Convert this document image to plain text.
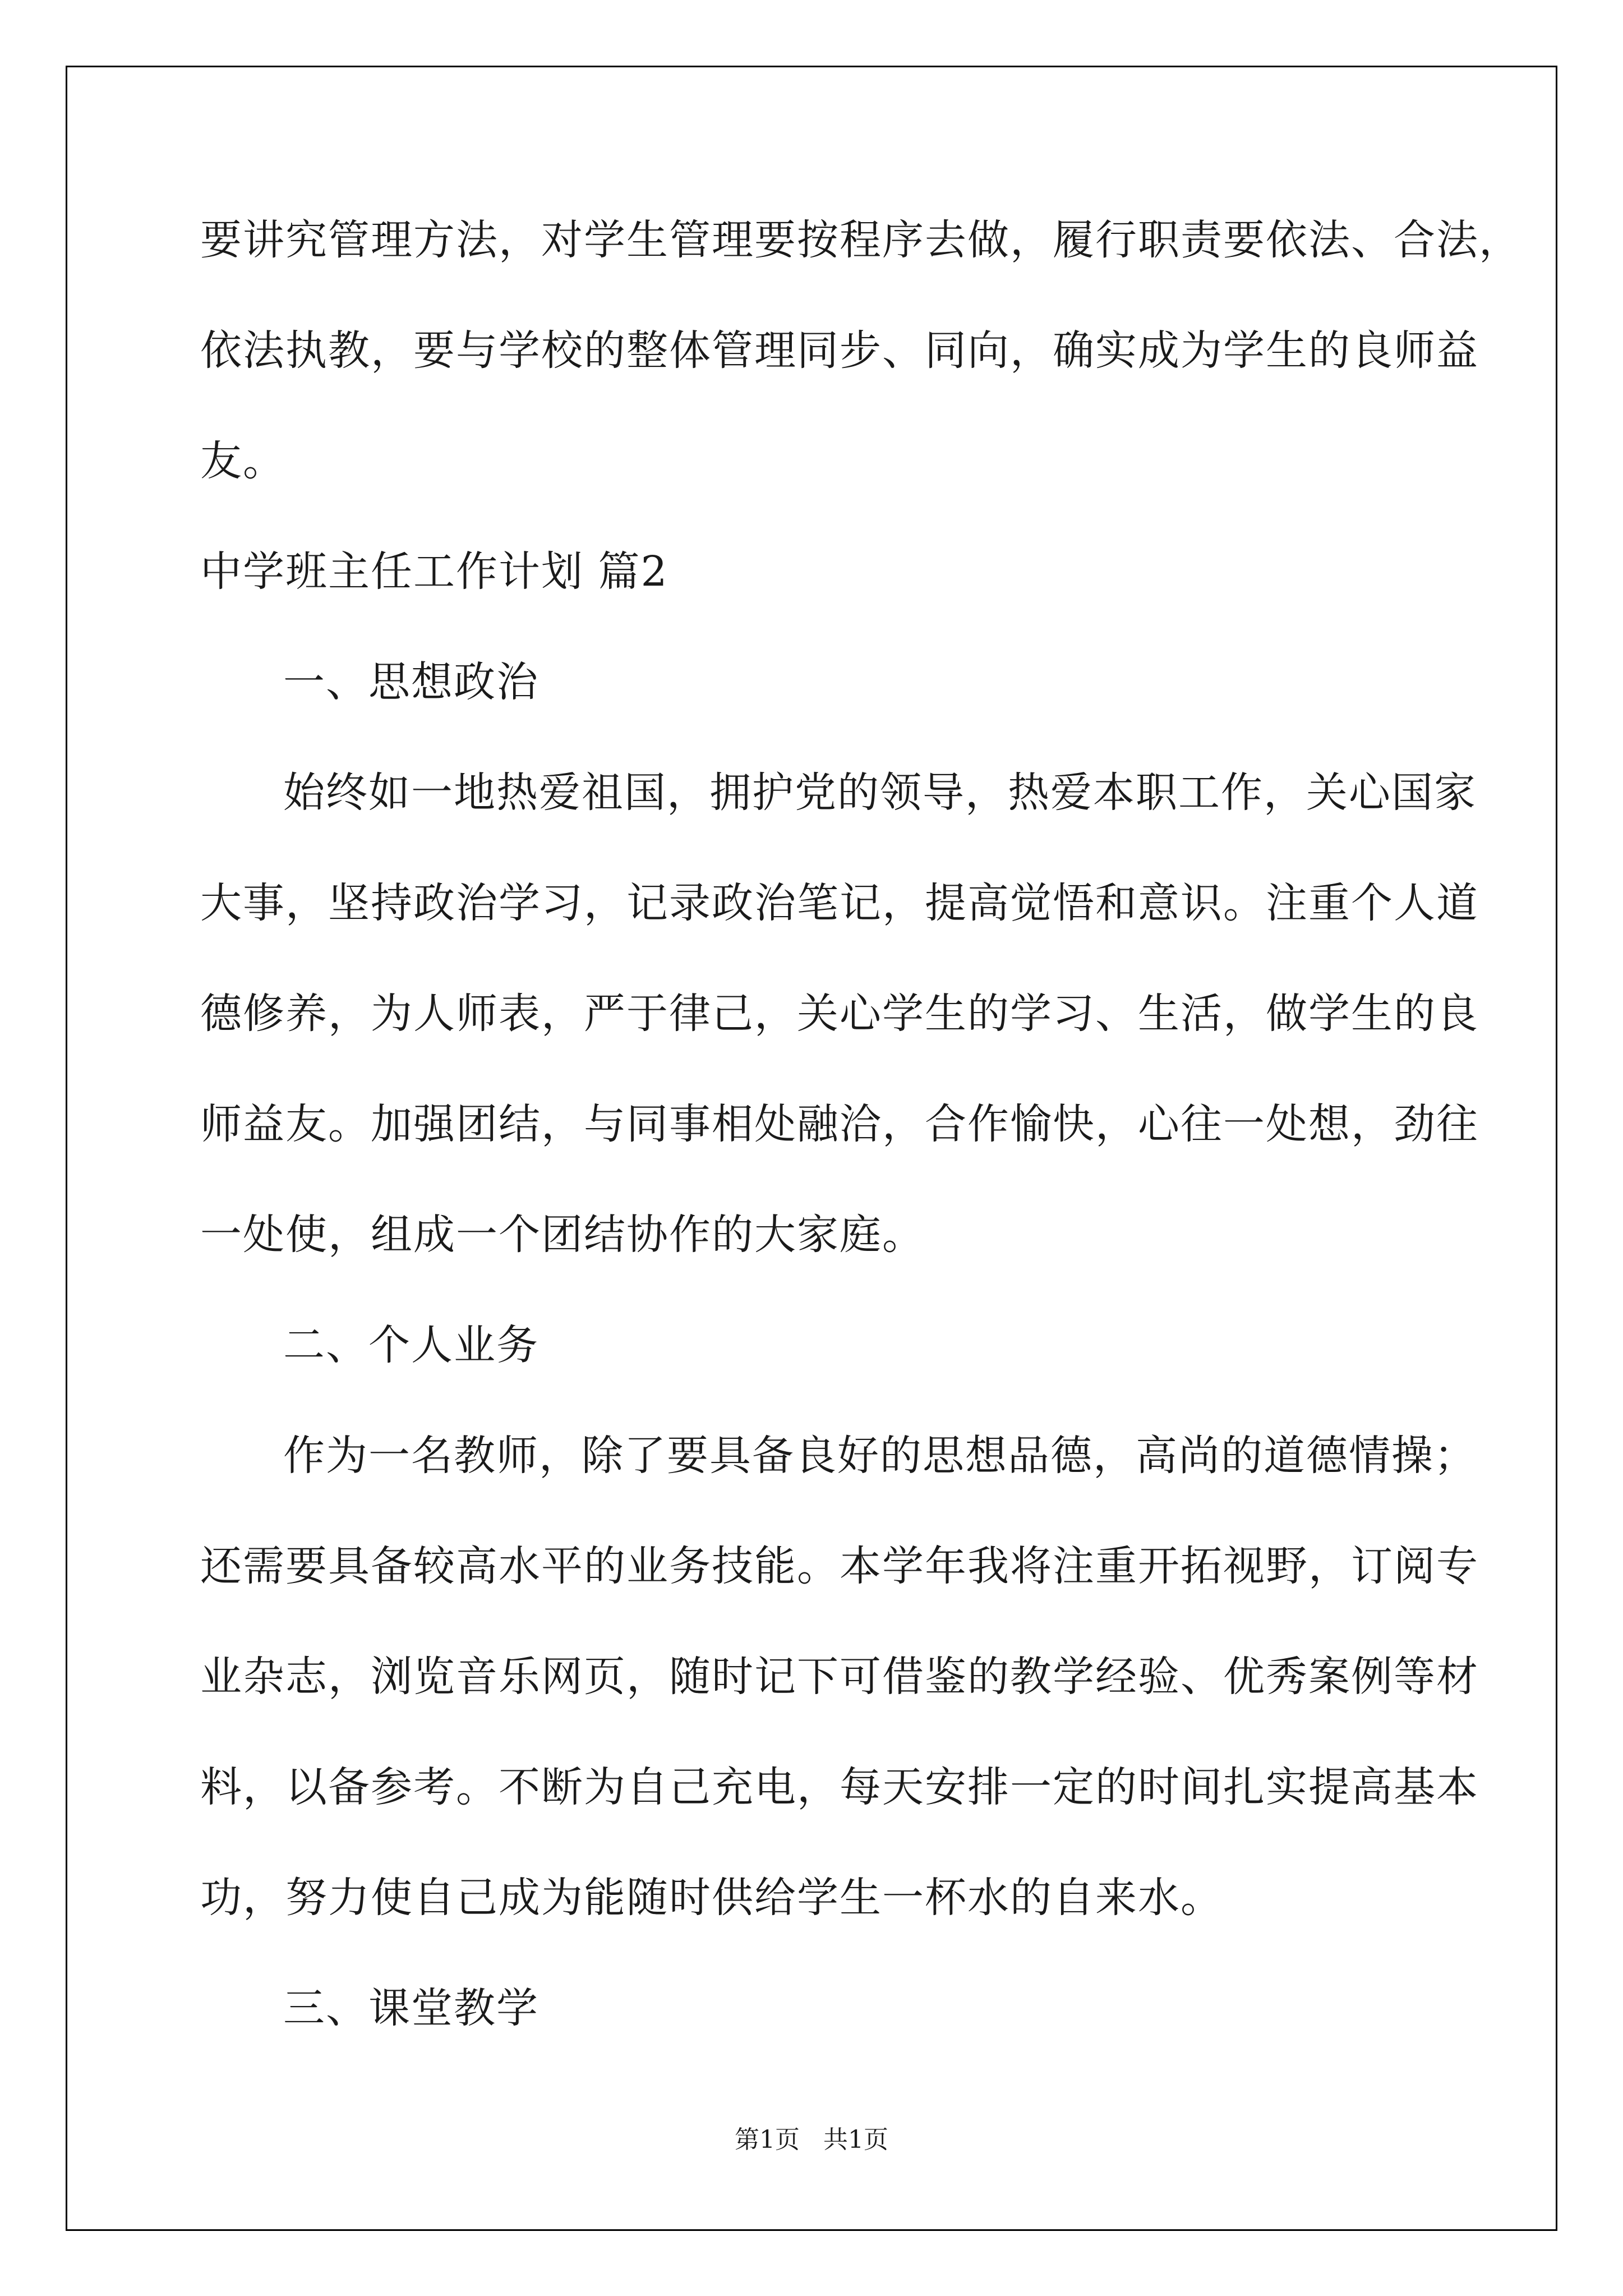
要讲究管理方法，对学生管理要按程序去做，履行职责要依法、合法，
依法执教，要与学校的整体管理同步、同向，确实成为学生的良师益
友。
中学班主任工作计划 篇2
一、思想政治
始终如一地热爱祖国，拥护党的领导，热爱本职工作，关心国家
大事，坚持政治学习，记录政治笔记，提高觉悟和意识。注重个人道
德修养，为人师表，严于律己，关心学生的学习、生活，做学生的良
师益友。加强团结，与同事相处融洽，合作愉快，心往一处想，劲往
一处使，组成一个团结协作的大家庭。
二、个人业务
作为一名教师，除了要具备良好的思想品德，高尚的道德情操；
还需要具备较高水平的业务技能。本学年我将注重开拓视野，订阅专
业杂志，浏览音乐网页，随时记下可借鉴的教学经验、优秀案例等材
料，以备参考。不断为自己充电，每天安排一定的时间扎实提高基本
功，努力使自己成为能随时供给学生一杯水的自来水。
三、课堂教学
第1页   共1页
